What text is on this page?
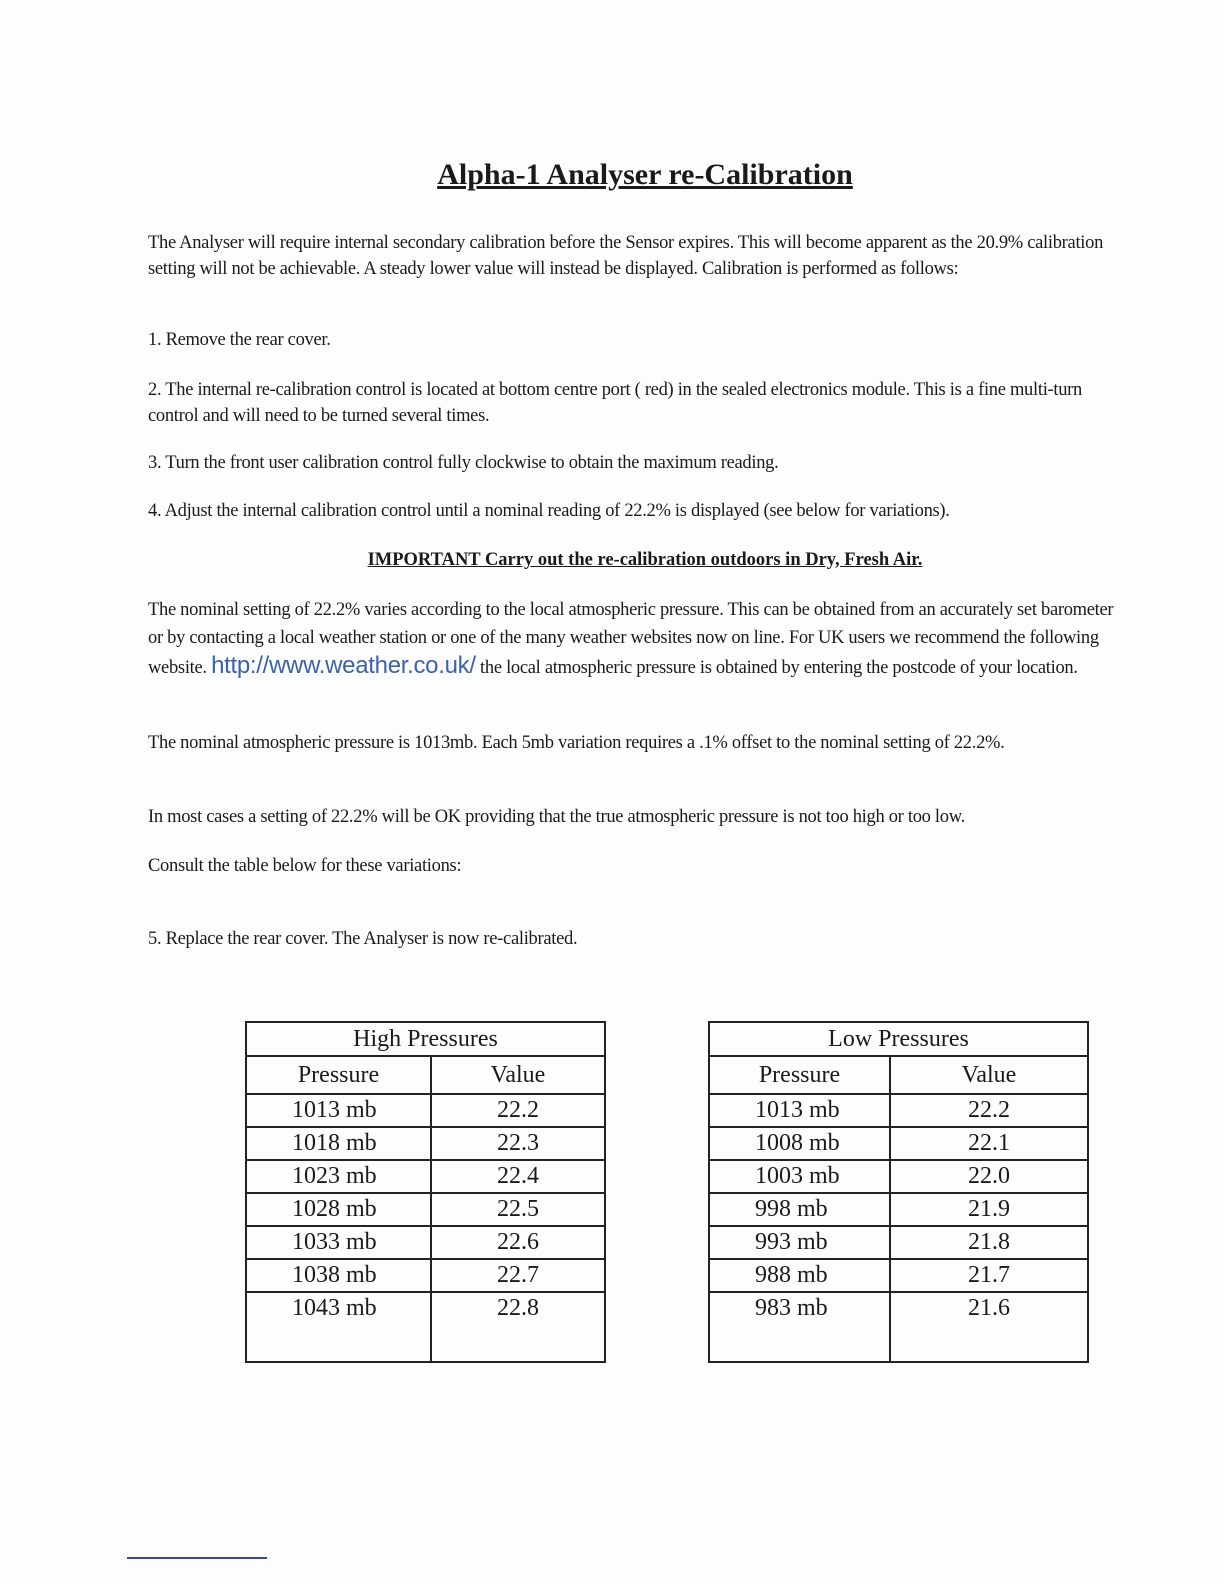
Alpha-1 Analyser re-Calibration
The Analyser will require internal secondary calibration before the Sensor expires. This will become apparent as the 20.9% calibration setting will not be achievable. A steady lower value will instead be displayed. Calibration is performed as follows:
1. Remove the rear cover.
2. The internal re-calibration control is located at bottom centre port ( red) in the sealed electronics module. This is a fine multi-turn control and will need to be turned several times.
3. Turn the front user calibration control fully clockwise to obtain the maximum reading.
4. Adjust the internal calibration control until a nominal reading of 22.2% is displayed (see below for variations).
IMPORTANT Carry out the re-calibration outdoors in Dry, Fresh Air.
The nominal setting of 22.2% varies according to the local atmospheric pressure. This can be obtained from an accurately set barometer or by contacting a local weather station or one of the many weather websites now on line. For UK users we recommend the following website. http://www.weather.co.uk/ the local atmospheric pressure is obtained by entering the postcode of your location.
The nominal atmospheric pressure is 1013mb. Each 5mb variation requires a .1% offset to the nominal setting of 22.2%.
In most cases a setting of 22.2% will be OK providing that the true atmospheric pressure is not too high or too low.
Consult the table below for these variations:
5. Replace the rear cover. The Analyser is now re-calibrated.
High Pressures	
Pressure	Value
1013 mb	22.2
1018 mb	22.3
1023 mb	22.4
1028 mb	22.5
1033 mb	22.6
1038 mb	22.7
1043 mb	22.8
Low Pressures	
Pressure	Value
1013 mb	22.2
1008 mb	22.1
1003 mb	22.0
998 mb	21.9
993 mb	21.8
988 mb	21.7
983 mb	21.6
